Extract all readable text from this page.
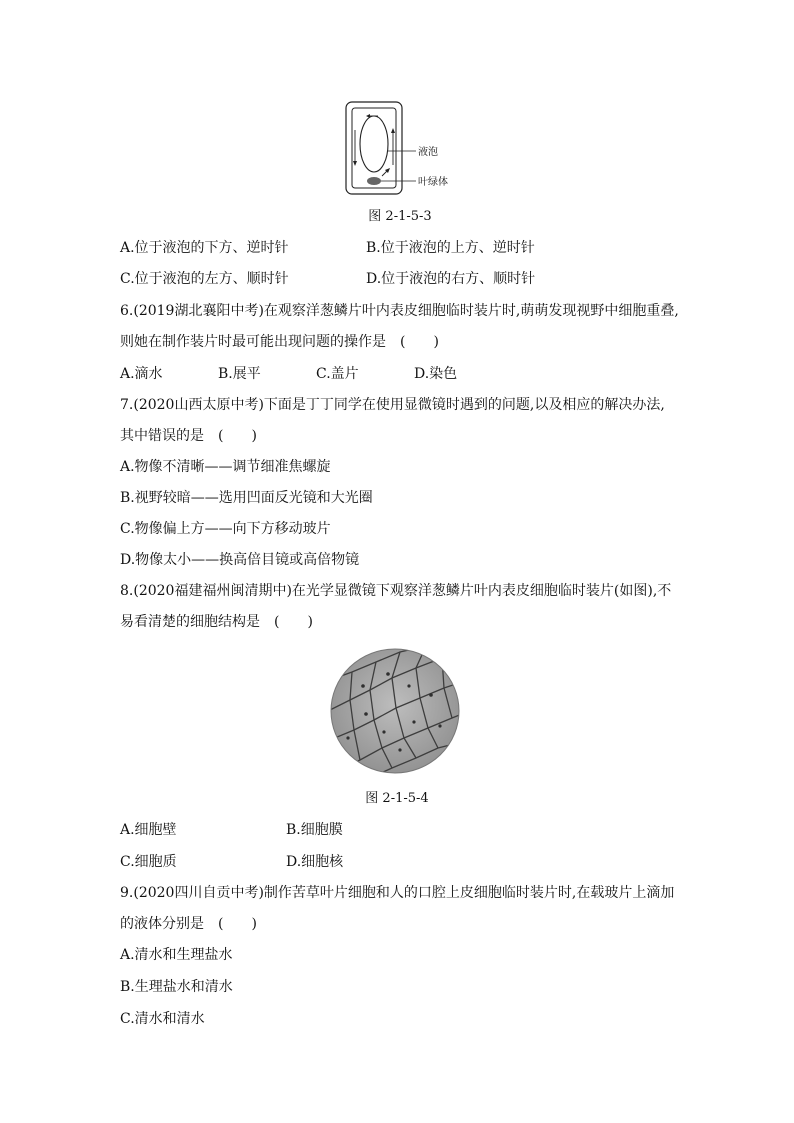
液泡
叶绿体
图 2-1-5-3
A.位于液泡的下方、逆时针	B.位于液泡的上方、逆时针
C.位于液泡的左方、顺时针	D.位于液泡的右方、顺时针
6.(2019湖北襄阳中考)在观察洋葱鳞片叶内表皮细胞临时装片时,萌萌发现视野中细胞重叠,
则她在制作装片时最可能出现问题的操作是　(　　)
A.滴水	B.展平	C.盖片	D.染色
7.(2020山西太原中考)下面是丁丁同学在使用显微镜时遇到的问题,以及相应的解决办法,
其中错误的是　(　　)
A.物像不清晰——调节细准焦螺旋
B.视野较暗——选用凹面反光镜和大光圈
C.物像偏上方——向下方移动玻片
D.物像太小——换高倍目镜或高倍物镜
8.(2020福建福州闽清期中)在光学显微镜下观察洋葱鳞片叶内表皮细胞临时装片(如图),不
易看清楚的细胞结构是　(　　)
图 2-1-5-4
A.细胞壁	B.细胞膜
C.细胞质	D.细胞核
9.(2020四川自贡中考)制作苦草叶片细胞和人的口腔上皮细胞临时装片时,在载玻片上滴加
的液体分别是　(　　)
A.清水和生理盐水
B.生理盐水和清水
C.清水和清水
